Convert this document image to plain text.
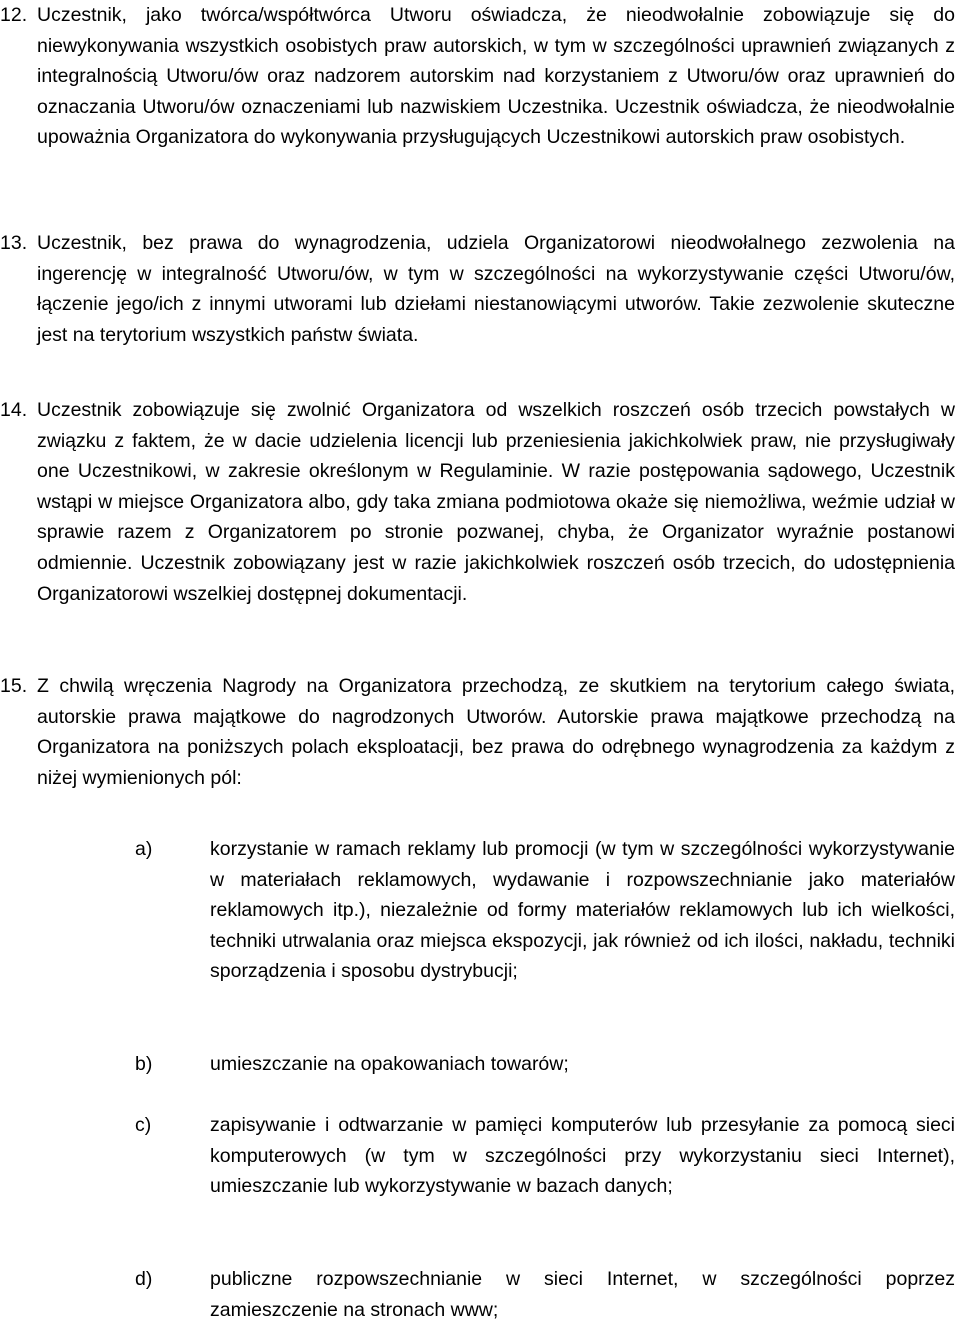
12. Uczestnik, jako twórca/współtwórca Utworu oświadcza, że nieodwołalnie zobowiązuje się do niewykonywania wszystkich osobistych praw autorskich, w tym w szczególności uprawnień związanych z integralnością Utworu/ów oraz nadzorem autorskim nad korzystaniem z Utworu/ów oraz uprawnień do oznaczania Utworu/ów oznaczeniami lub nazwiskiem Uczestnika. Uczestnik oświadcza, że nieodwołalnie upoważnia Organizatora do wykonywania przysługujących Uczestnikowi autorskich praw osobistych.
13. Uczestnik, bez prawa do wynagrodzenia, udziela Organizatorowi nieodwołalnego zezwolenia na ingerencję w integralność Utworu/ów, w tym w szczególności na wykorzystywanie części Utworu/ów, łączenie jego/ich z innymi utworami lub dziełami niestanowiącymi utworów. Takie zezwolenie skuteczne jest na terytorium wszystkich państw świata.
14. Uczestnik zobowiązuje się zwolnić Organizatora od wszelkich roszczeń osób trzecich powstałych w związku z faktem, że w dacie udzielenia licencji lub przeniesienia jakichkolwiek praw, nie przysługiwały one Uczestnikowi, w zakresie określonym w Regulaminie. W razie postępowania sądowego, Uczestnik wstąpi w miejsce Organizatora albo, gdy taka zmiana podmiotowa okaże się niemożliwa, weźmie udział w sprawie razem z Organizatorem po stronie pozwanej, chyba, że Organizator wyraźnie postanowi odmiennie. Uczestnik zobowiązany jest w razie jakichkolwiek roszczeń osób trzecich, do udostępnienia Organizatorowi wszelkiej dostępnej dokumentacji.
15. Z chwilą wręczenia Nagrody na Organizatora przechodzą, ze skutkiem na terytorium całego świata, autorskie prawa majątkowe do nagrodzonych Utworów. Autorskie prawa majątkowe przechodzą na Organizatora na poniższych polach eksploatacji, bez prawa do odrębnego wynagrodzenia za każdym z niżej wymienionych pól:
a)	korzystanie w ramach reklamy lub promocji (w tym w szczególności wykorzystywanie w materiałach reklamowych, wydawanie i rozpowszechnianie jako materiałów reklamowych itp.), niezależnie od formy materiałów reklamowych lub ich wielkości, techniki utrwalania oraz miejsca ekspozycji, jak również od ich ilości, nakładu, techniki sporządzenia i sposobu dystrybucji;
b)	umieszczanie na opakowaniach towarów;
c)	zapisywanie i odtwarzanie w pamięci komputerów lub przesyłanie za pomocą sieci komputerowych (w tym w szczególności przy wykorzystaniu sieci Internet), umieszczanie lub wykorzystywanie w bazach danych;
d)	publiczne rozpowszechnianie w sieci Internet, w szczególności poprzez zamieszczenie na stronach www;
